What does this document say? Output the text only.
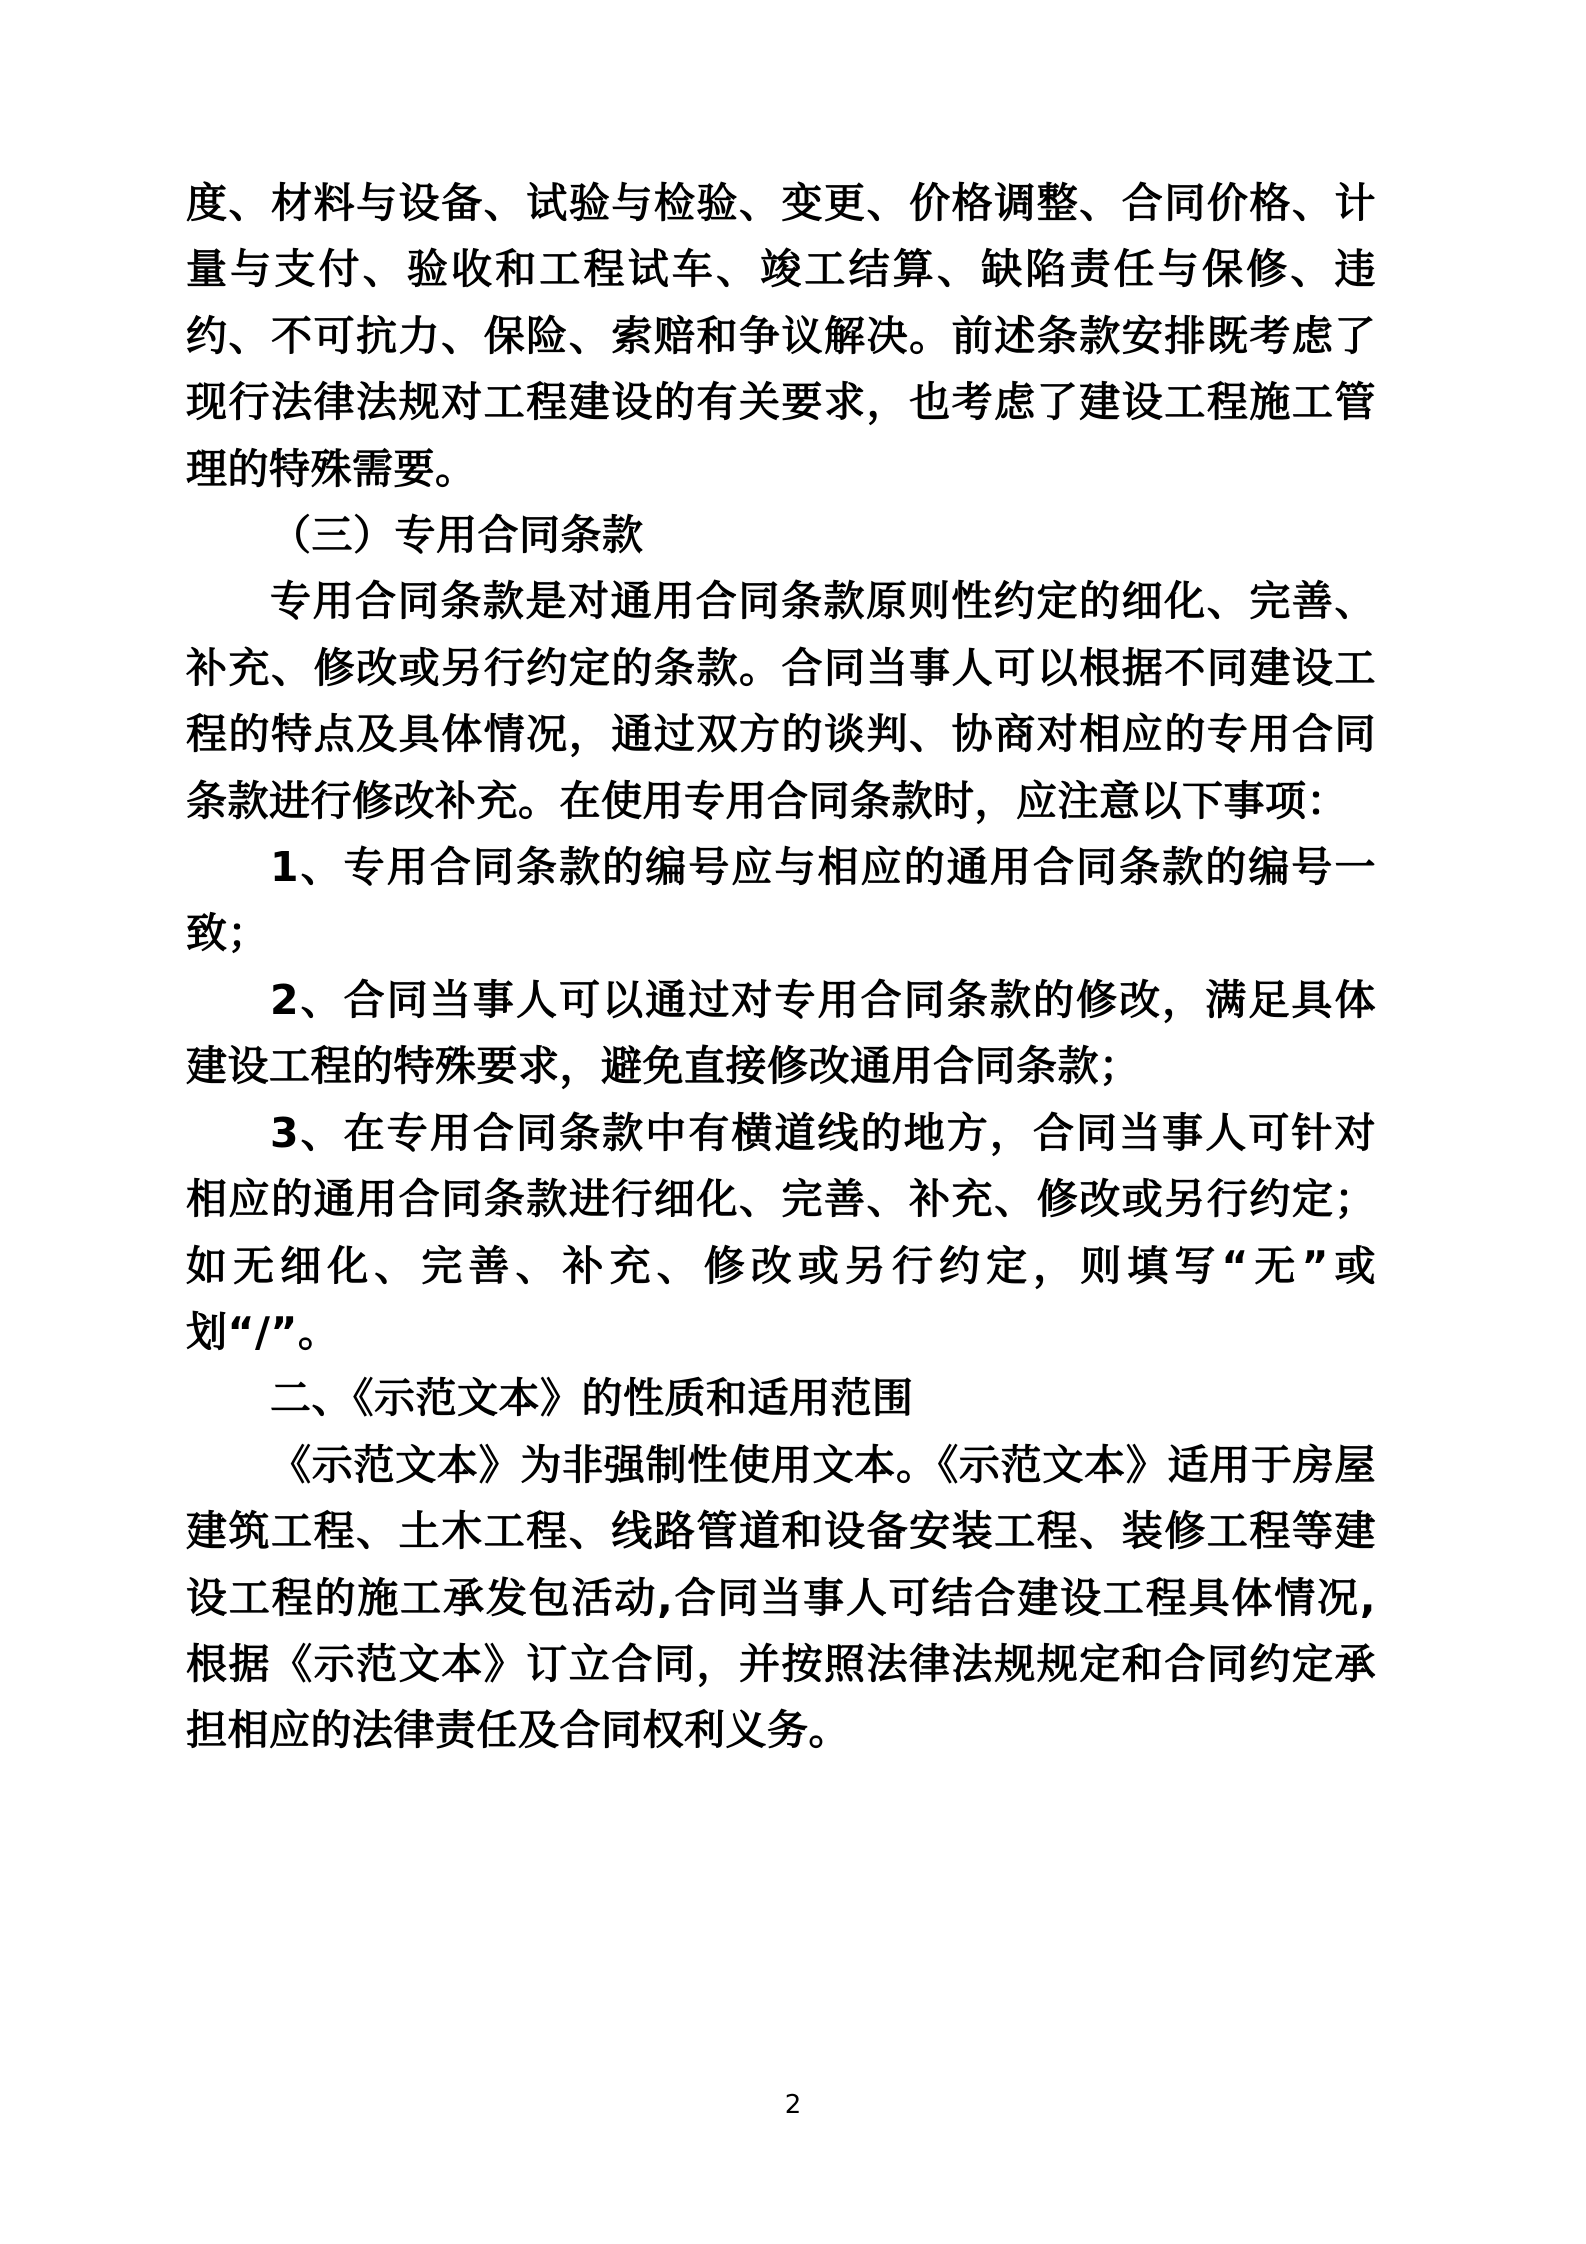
度、材料与设备、试验与检验、变更、价格调整、合同价格、计量与支付、验收和工程试车、竣工结算、缺陷责任与保修、违约、不可抗力、保险、索赔和争议解决。前述条款安排既考虑了现行法律法规对工程建设的有关要求，也考虑了建设工程施工管理的特殊需要。

（三）专用合同条款

专用合同条款是对通用合同条款原则性约定的细化、完善、补充、修改或另行约定的条款。合同当事人可以根据不同建设工程的特点及具体情况，通过双方的谈判、协商对相应的专用合同条款进行修改补充。在使用专用合同条款时，应注意以下事项：

1、专用合同条款的编号应与相应的通用合同条款的编号一致；

2、合同当事人可以通过对专用合同条款的修改，满足具体建设工程的特殊要求，避免直接修改通用合同条款；

3、在专用合同条款中有横道线的地方，合同当事人可针对相应的通用合同条款进行细化、完善、补充、修改或另行约定；如无细化、完善、补充、修改或另行约定，则填写“无”或划“/”。

二、《示范文本》的性质和适用范围

《示范文本》为非强制性使用文本。《示范文本》适用于房屋建筑工程、土木工程、线路管道和设备安装工程、装修工程等建设工程的施工承发包活动,合同当事人可结合建设工程具体情况,根据《示范文本》订立合同，并按照法律法规规定和合同约定承担相应的法律责任及合同权利义务。

2
